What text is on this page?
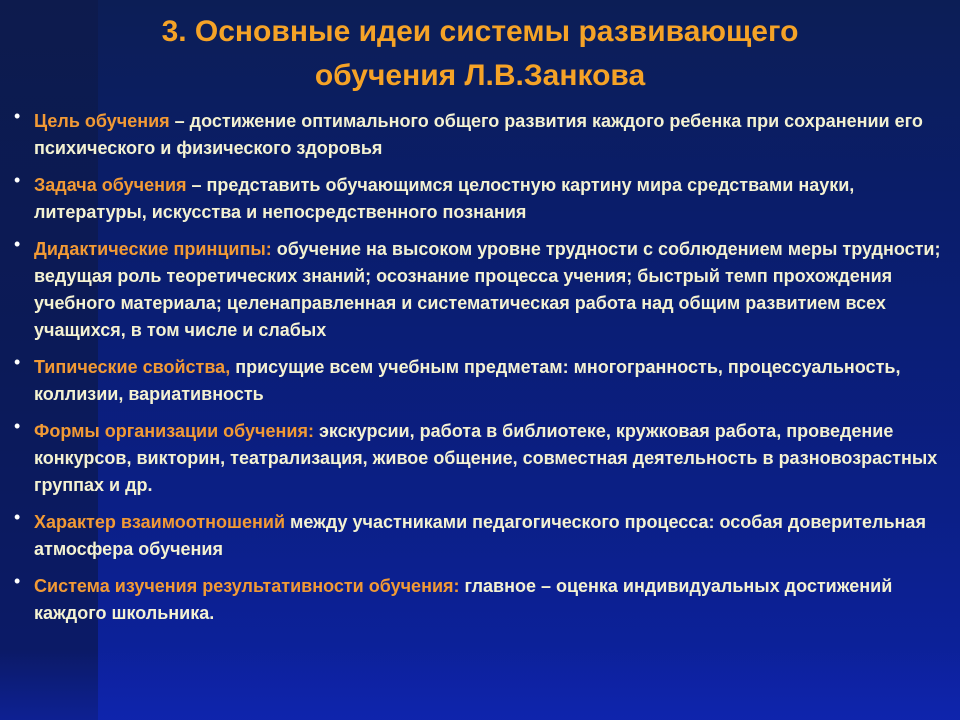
3. Основные идеи системы развивающего
обучения Л.В.Занкова
• Цель обучения – достижение оптимального общего развития каждого ребенка при сохранении его психического и физического здоровья
• Задача обучения – представить обучающимся целостную картину мира средствами науки, литературы, искусства и непосредственного познания
• Дидактические принципы: обучение на высоком уровне трудности с соблюдением меры трудности; ведущая роль теоретических знаний; осознание процесса учения; быстрый темп прохождения учебного материала; целенаправленная и систематическая работа над общим развитием всех учащихся, в том числе и слабых
• Типические свойства, присущие всем учебным предметам: многогранность, процессуальность, коллизии, вариативность
• Формы организации обучения: экскурсии, работа в библиотеке, кружковая работа, проведение конкурсов, викторин, театрализация, живое общение, совместная деятельность в разновозрастных группах и др.
• Характер взаимоотношений между участниками педагогического процесса: особая доверительная атмосфера обучения
• Система изучения результативности обучения: главное – оценка индивидуальных достижений каждого школьника.
